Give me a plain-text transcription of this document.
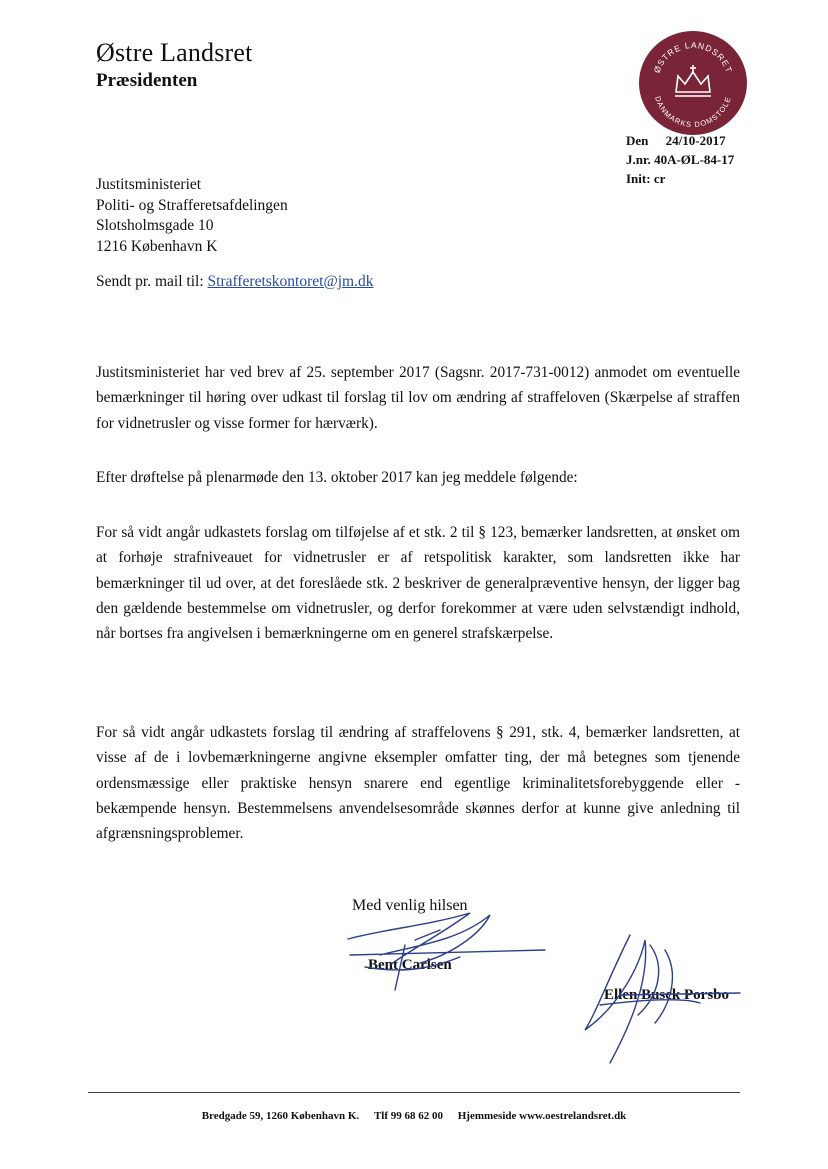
Østre Landsret
Præsidenten
ØSTRE LANDSRET
DANMARKS DOMSTOLE
Den 24/10-2017
J.nr. 40A-ØL-84-17
Init: cr
Justitsministeriet
Politi- og Strafferetsafdelingen
Slotsholmsgade 10
1216 København K
Sendt pr. mail til: Strafferetskontoret@jm.dk
Justitsministeriet har ved brev af 25. september 2017 (Sagsnr. 2017-731-0012) anmodet om eventuelle bemærkninger til høring over udkast til forslag til lov om ændring af straffeloven (Skærpelse af straffen for vidnetrusler og visse former for hærværk).
Efter drøftelse på plenarmøde den 13. oktober 2017 kan jeg meddele følgende:
For så vidt angår udkastets forslag om tilføjelse af et stk. 2 til § 123, bemærker landsretten, at ønsket om at forhøje strafniveauet for vidnetrusler er af retspolitisk karakter, som landsretten ikke har bemærkninger til ud over, at det foreslåede stk. 2 beskriver de generalpræventive hensyn, der ligger bag den gældende bestemmelse om vidnetrusler, og derfor forekommer at være uden selvstændigt indhold, når bortses fra angivelsen i bemærkningerne om en generel strafskærpelse.
For så vidt angår udkastets forslag til ændring af straffelovens § 291, stk. 4, bemærker landsretten, at visse af de i lovbemærkningerne angivne eksempler omfatter ting, der må betegnes som tjenende ordensmæssige eller praktiske hensyn snarere end egentlige kriminalitetsforebyggende eller -bekæmpende hensyn. Bestemmelsens anvendelsesområde skønnes derfor at kunne give anledning til afgrænsningsproblemer.
Med venlig hilsen
Bent Carlsen
Ellen Busck Porsbo
Bredgade 59, 1260 København K. Tlf 99 68 62 00 Hjemmeside www.oestrelandsret.dk
